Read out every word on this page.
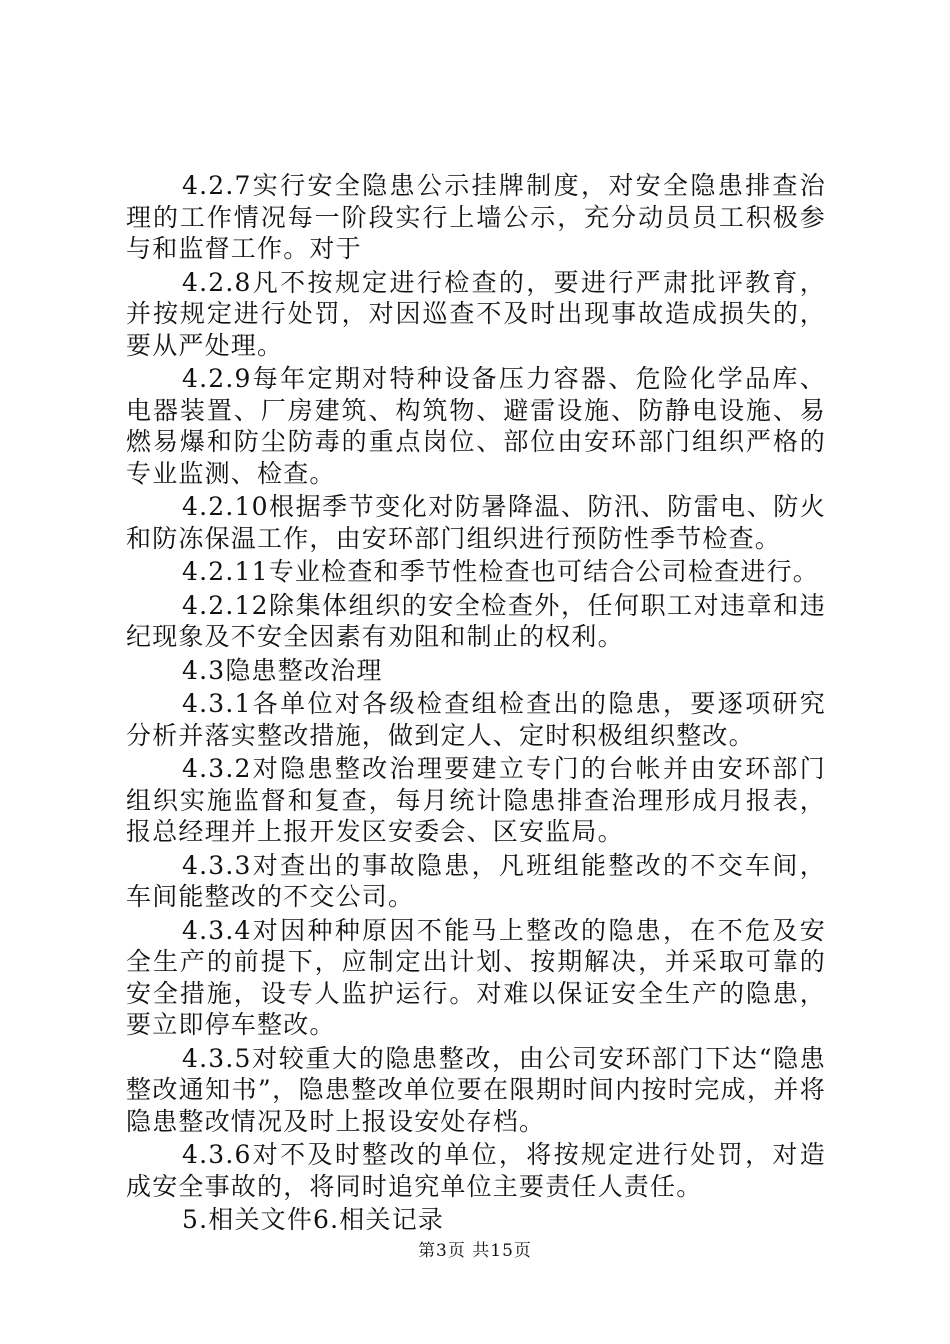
4.2.7实行安全隐患公示挂牌制度，对安全隐患排查治理的工作情况每一阶段实行上墙公示，充分动员员工积极参与和监督工作。对于

4.2.8凡不按规定进行检查的，要进行严肃批评教育，并按规定进行处罚，对因巡查不及时出现事故造成损失的，要从严处理。

4.2.9每年定期对特种设备压力容器、危险化学品库、电器装置、厂房建筑、构筑物、避雷设施、防静电设施、易燃易爆和防尘防毒的重点岗位、部位由安环部门组织严格的专业监测、检查。

4.2.10根据季节变化对防暑降温、防汛、防雷电、防火和防冻保温工作，由安环部门组织进行预防性季节检查。

4.2.11专业检查和季节性检查也可结合公司检查进行。

4.2.12除集体组织的安全检查外，任何职工对违章和违纪现象及不安全因素有劝阻和制止的权利。

4.3隐患整改治理

4.3.1各单位对各级检查组检查出的隐患，要逐项研究分析并落实整改措施，做到定人、定时积极组织整改。

4.3.2对隐患整改治理要建立专门的台帐并由安环部门组织实施监督和复查，每月统计隐患排查治理形成月报表，报总经理并上报开发区安委会、区安监局。

4.3.3对查出的事故隐患，凡班组能整改的不交车间，车间能整改的不交公司。

4.3.4对因种种原因不能马上整改的隐患，在不危及安全生产的前提下，应制定出计划、按期解决，并采取可靠的安全措施，设专人监护运行。对难以保证安全生产的隐患，要立即停车整改。

4.3.5对较重大的隐患整改，由公司安环部门下达“隐患整改通知书”，隐患整改单位要在限期时间内按时完成，并将隐患整改情况及时上报设安处存档。

4.3.6对不及时整改的单位，将按规定进行处罚，对造成安全事故的，将同时追究单位主要责任人责任。

5.相关文件6.相关记录

第3页 共15页
